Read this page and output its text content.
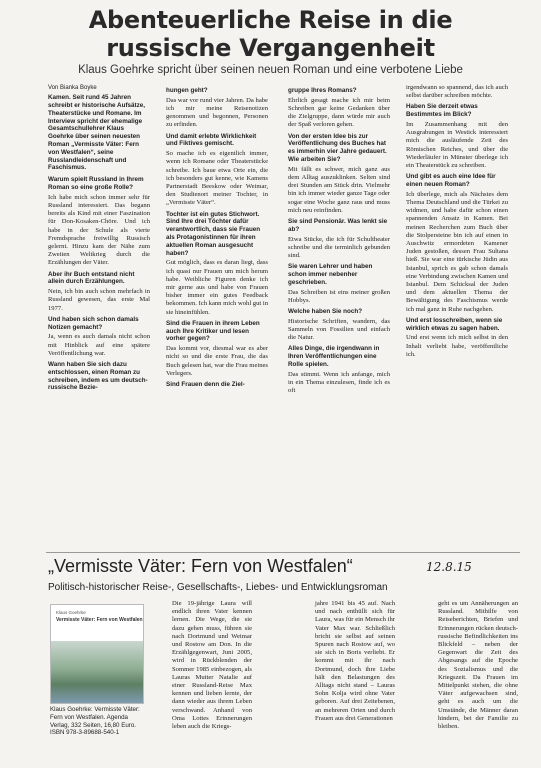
Abenteuerliche Reise in die
russische Vergangenheit
Klaus Goehrke spricht über seinen neuen Roman und eine verbotene Liebe
Von Bianka Boyke
Kamen. Seit rund 45 Jahren schreibt er historische Aufsätze, Theaterstücke und Romane. Im Interview spricht der ehemalige Gesamtschullehrer Klaus Goehrke über seinen neuesten Roman „Vermisste Väter: Fern von Westfalen“, seine Russlandleidenschaft und Faschismus.
Warum spielt Russland in Ihrem Roman so eine große Rolle?

Ich habe mich schon immer sehr für Russland interessiert. Das begann bereits als Kind mit einer Faszination für Don-Kosaken-Chöre. Und ich habe in der Schule als vierte Fremdsprache freiwillig Russisch gelernt. Hinzu kam der Nähe zum Zweiten Weltkrieg durch die Erzählungen der Väter.

Aber ihr Buch entstand nicht allein durch Erzählungen.

Nein, ich bin auch schon mehrfach in Russland gewesen, das erste Mal 1977.

Und haben sich schon damals Notizen gemacht?

Ja, wenn es auch damals nicht schon mit Hinblick auf eine spätere Veröffentlichung war.

Wann haben Sie sich dazu entschlossen, einen Roman zu schreiben, indem es um deutsch-russische Bezie-
hungen geht?

Das war vor rund vier Jahren. Da habe ich mir meine Reisenotizen genommen und begonnen, Personen zu erfinden.

Und damit erlebte Wirklichkeit und Fiktives gemischt.

So mache ich es eigentlich immer, wenn ich Romane oder Theaterstücke schreibe. Ich baue etwa Orte ein, die ich besonders gut kenne, wie Kamens Partnerstadt Beeskow oder Weimar, den Studienort meiner Tochter, in „Vermisste Väter“.

Tochter ist ein gutes Stichwort. Sind Ihre drei Töchter dafür verantwortlich, dass sie Frauen als Protagonistinnen für ihren aktuellen Roman ausgesucht haben?

Gut möglich, dass es daran liegt, dass ich quasi nur Frauen um mich herum habe. Weibliche Figuren denke ich mir gerne aus und habe von Frauen bisher immer ein gutes Feedback bekommen. Ich kann mich wohl gut in sie hineinfühlen.

Sind die Frauen in ihrem Leben auch Ihre Kritiker und lesen vorher gegen?

Das kommt vor, diesmal war es aber nicht so und die erste Frau, die das Buch gelesen hat, war die Frau meines Verlegers.

Sind Frauen denn die Ziel-
gruppe Ihres Romans?

Ehrlich gesagt mache ich mir beim Schreiben gar keine Gedanken über die Zielgruppe, dann würde mir auch der Spaß verloren gehen.

Von der ersten Idee bis zur Veröffentlichung des Buches hat es immerhin vier Jahre gedauert. Wie arbeiten Sie?

Mit fällt es schwer, mich ganz aus dem Alltag auszuklinken. Selten sind drei Stunden am Stück drin. Vielmehr bin ich immer wieder ganze Tage oder sogar eine Woche ganz raus und muss mich neu reinfinden.

Sie sind Pensionär. Was lenkt sie ab?

Etwa Stücke, die ich für Schultheater schreibe und die terminlich gebunden sind.

Sie waren Lehrer und haben schon immer nebenher geschrieben.

Das Schreiben ist eins meiner großen Hobbys.

Welche haben Sie noch?

Historische Schriften, wandern, das Sammeln von Fossilien und einfach die Natur.

Alles Dinge, die irgendwann in Ihren Veröffentlichungen eine Rolle spielen.

Das stimmt. Wenn ich anfange, mich in ein Thema einzulesen, finde ich es oft

irgendwann so spannend, das ich auch selbst darüber schreiben möchte.

Haben Sie derzeit etwas Bestimmtes im Blick?

Im Zusammenhang mit den Ausgrabungen in Westick interessiert mich die ausläufende Zeit des Römischen Reiches, und über die Wiederläufer in Münster überlege ich ein Theaterstück zu schreiben.

Und gibt es auch eine Idee für einen neuen Roman?

Ich überlege, mich als Nächstes dem Thema Deutschland und die Türkei zu widmen, und habe dafür schon einen spannenden Ansatz in Kamen. Bei meinen Recherchen zum Buch über die Stolpersteine bin ich auf einen in Auschwitz ermordeten Kamener Juden gestoßen, dessen Frau Sultana hieß. Sie war eine türkische Jüdin aus Istanbul, sprich es gab schon damals eine Verbindung zwischen Kamen und Istanbul. Dem Schicksal der Juden und dem aktuellen Thema der Bewältigung des Faschismus werde ich mal ganz in Ruhe nachgehen.

Und erst losschreiben, wenn sie wirklich etwas zu sagen haben.

Und erst wenn ich mich selbst in den Inhalt verliebt habe, veröffentliche ich.

„Vermisste Väter: Fern von Westfalen“	12.8.15
Politisch-historischer Reise-, Gesellschafts-, Liebes- und Entwicklungsroman
Klaus Goehrke
Vermisste Väter: Fern von Westfalen
Klaus Goehrke: Vermisste Väter: Fern von Westfalen. Agenda Verlag, 332 Seiten, 16,80 Euro. ISBN 978-3-89688-540-1

Die 19-jährige Laura will endlich ihren Vater kennen lernen. Die Wege, die sie dazu gehen muss, führen sie nach Dortmund und Weimar und Rostow am Don. In die Erzählgegenwart, Juni 2005, wird in Rückblenden der Sommer 1985 einbezogen, als Lauras Mutter Natalie auf einer Russland-Reise Max kennen und lieben lernte, der dann wieder aus ihrem Leben verschwand. Anhand von Oma Lottes Erinnerungen leben auch die Kriegs-

jahre 1941 bis 45 auf. Nach und nach enthüllt sich für Laura, was für ein Mensch ihr Vater Max war. Schließlich bricht sie selbst auf seinen Spuren nach Rostow auf, wo sie sich in Boris verliebt. Er kommt mit ihr nach Dortmund, doch ihre Liebe hält den Belastungen des Alltags nicht stand – Lauras Sohn Kolja wird ohne Vater geboren. Auf drei Zeitebenen, an mehreren Orten und durch Frauen aus drei Generationen

geht es um Annäherungen an Russland. Mithilfe von Reiseberichten, Briefen und Erinnerungen rücken deutsch-russische Befindlichkeiten ins Blickfeld – neben der Gegenwart die Zeit des Abgesangs auf die Epoche des Sozialismus und die Kriegszeit. Da Frauen im Mittelpunkt stehen, die ohne Väter aufgewachsen sind, geht es auch um die Umstände, die Männer daran hindern, bei der Familie zu bleiben.
